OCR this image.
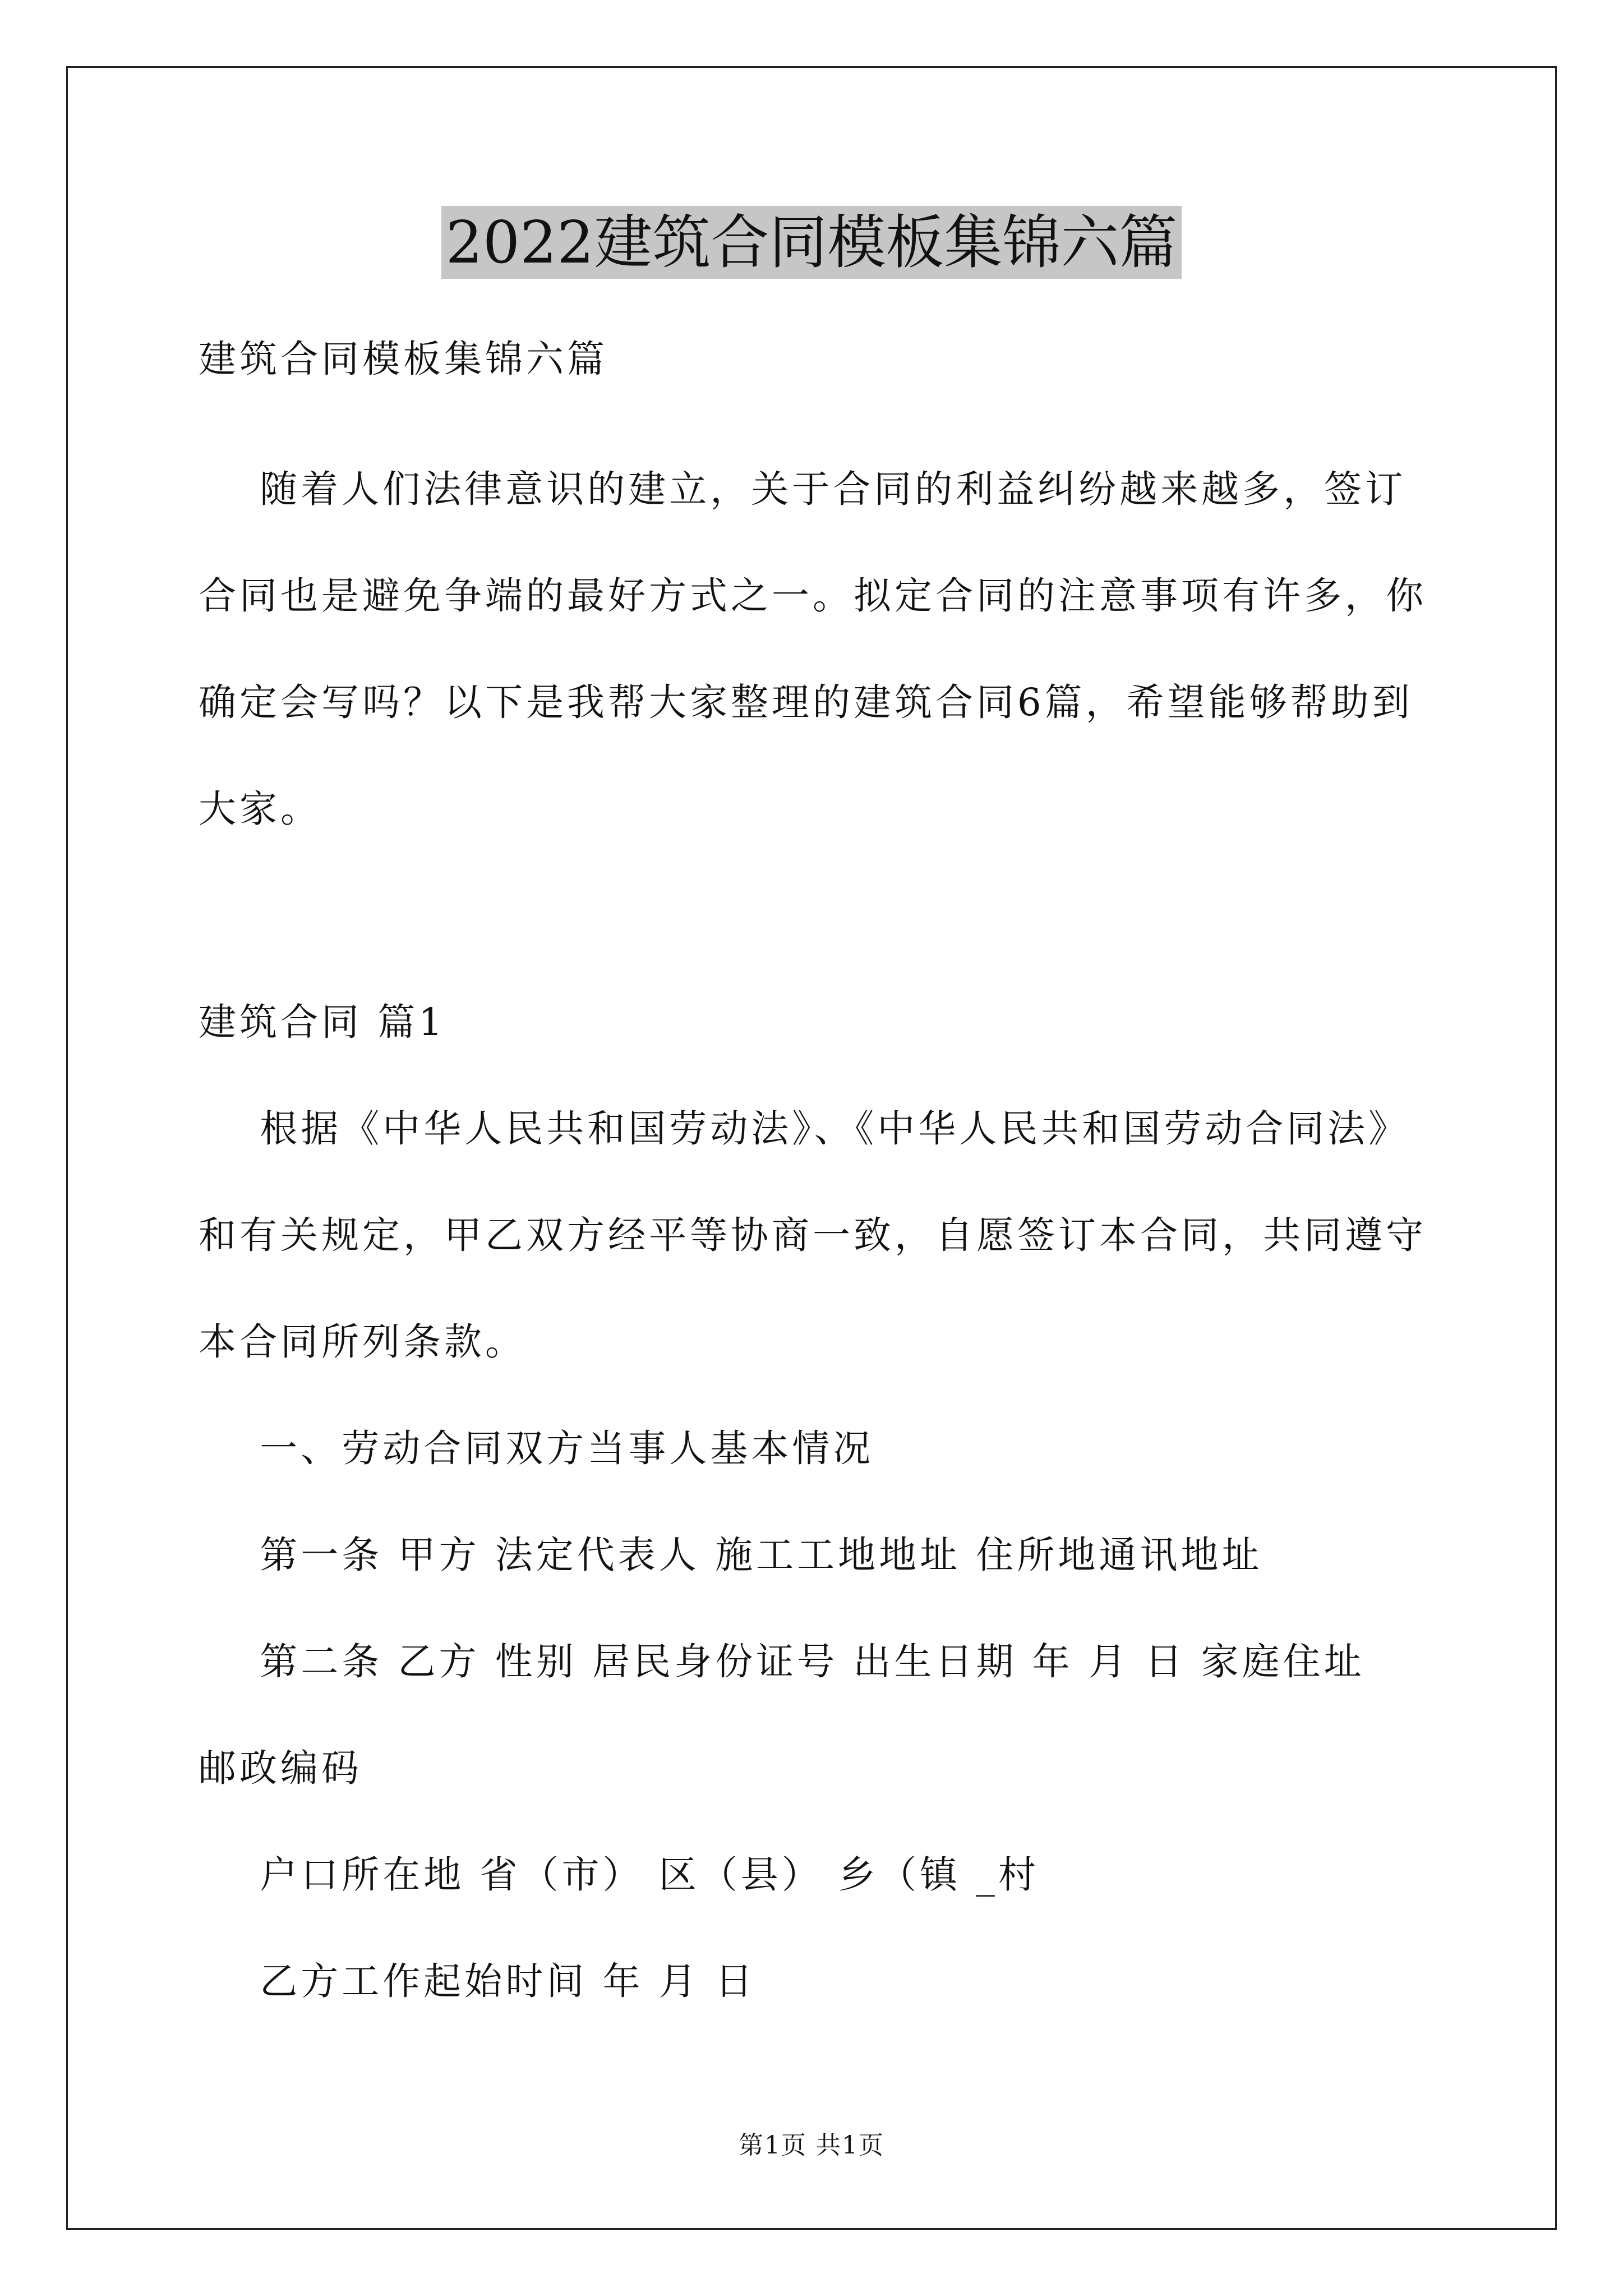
2022建筑合同模板集锦六篇

建筑合同模板集锦六篇

随着人们法律意识的建立，关于合同的利益纠纷越来越多，签订

合同也是避免争端的最好方式之一。拟定合同的注意事项有许多，你

确定会写吗？以下是我帮大家整理的建筑合同6篇，希望能够帮助到

大家。

建筑合同 篇1

根据《中华人民共和国劳动法》、《中华人民共和国劳动合同法》

和有关规定，甲乙双方经平等协商一致，自愿签订本合同，共同遵守

本合同所列条款。

一、劳动合同双方当事人基本情况

第一条 甲方 法定代表人 施工工地地址 住所地通讯地址

第二条 乙方 性别 居民身份证号 出生日期 年 月 日 家庭住址

邮政编码

户口所在地 省（市） 区（县） 乡（镇 _村

乙方工作起始时间 年 月 日

第1页 共1页
